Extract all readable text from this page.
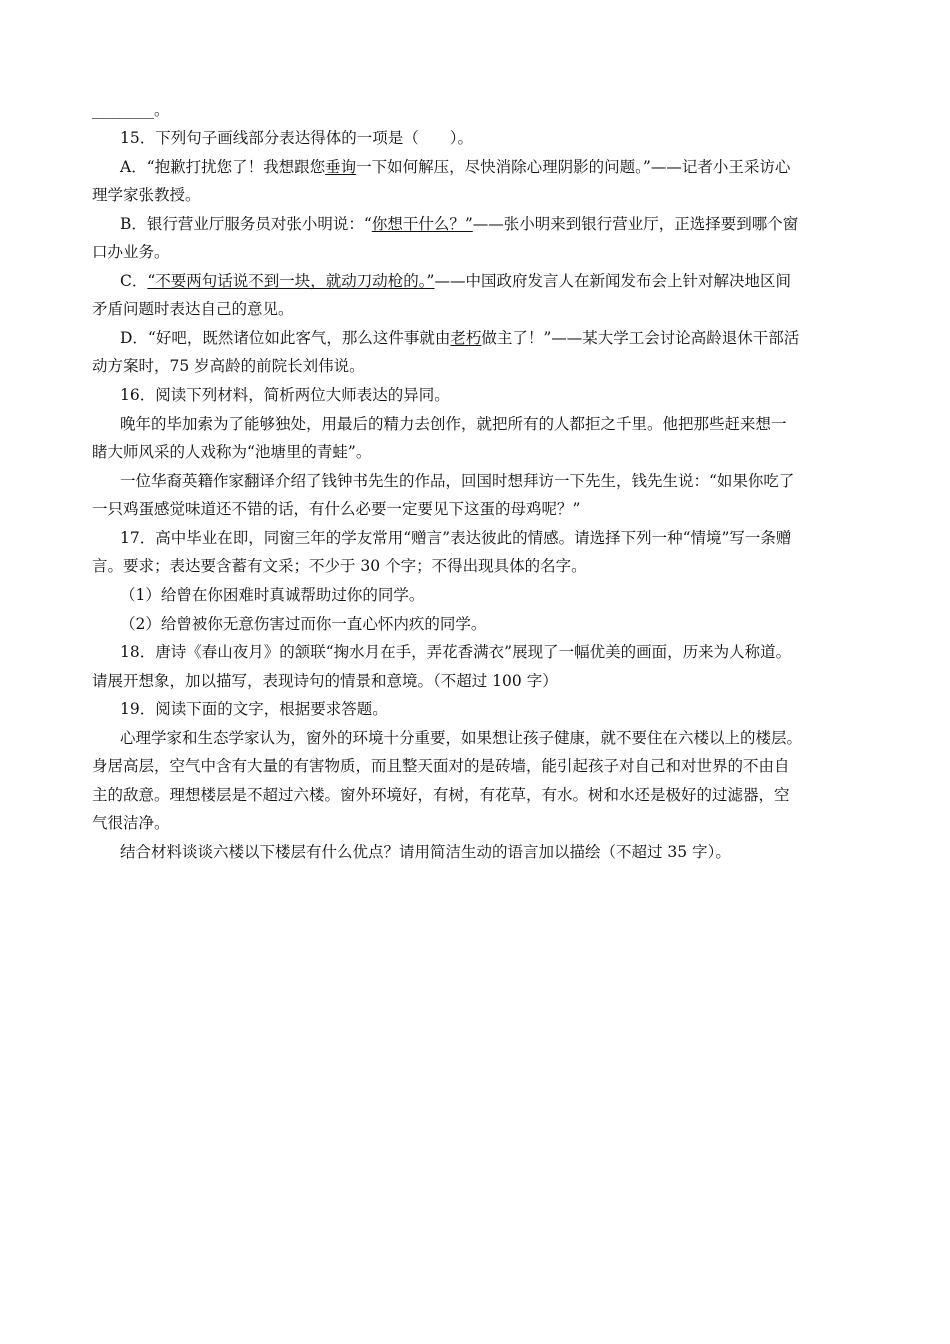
________。
15．下列句子画线部分表达得体的一项是（　　）。
A．“抱歉打扰您了！我想跟您垂询一下如何解压，尽快消除心理阴影的问题。”——记者小王采访心
理学家张教授。
B．银行营业厅服务员对张小明说：“你想干什么？”——张小明来到银行营业厅，正选择要到哪个窗
口办业务。
C．“不要两句话说不到一块，就动刀动枪的。”——中国政府发言人在新闻发布会上针对解决地区间
矛盾问题时表达自己的意见。
D．“好吧，既然诸位如此客气，那么这件事就由老朽做主了！”——某大学工会讨论高龄退休干部活
动方案时，75 岁高龄的前院长刘伟说。
16．阅读下列材料，简析两位大师表达的异同。
晚年的毕加索为了能够独处，用最后的精力去创作，就把所有的人都拒之千里。他把那些赶来想一
睹大师风采的人戏称为“池塘里的青蛙”。
一位华裔英籍作家翻译介绍了钱钟书先生的作品，回国时想拜访一下先生，钱先生说：“如果你吃了
一只鸡蛋感觉味道还不错的话，有什么必要一定要见下这蛋的母鸡呢？”
17．高中毕业在即，同窗三年的学友常用“赠言”表达彼此的情感。请选择下列一种“情境”写一条赠
言。要求；表达要含蓄有文采；不少于 30 个字；不得出现具体的名字。
（1）给曾在你困难时真诚帮助过你的同学。
（2）给曾被你无意伤害过而你一直心怀内疚的同学。
18．唐诗《春山夜月》的颔联“掬水月在手，弄花香满衣”展现了一幅优美的画面，历来为人称道。
请展开想象，加以描写，表现诗句的情景和意境。（不超过 100 字）
19．阅读下面的文字，根据要求答题。
心理学家和生态学家认为，窗外的环境十分重要，如果想让孩子健康，就不要住在六楼以上的楼层。
身居高层，空气中含有大量的有害物质，而且整天面对的是砖墙，能引起孩子对自己和对世界的不由自
主的敌意。理想楼层是不超过六楼。窗外环境好，有树，有花草，有水。树和水还是极好的过滤器，空
气很洁净。
结合材料谈谈六楼以下楼层有什么优点？请用简洁生动的语言加以描绘（不超过 35 字）。
